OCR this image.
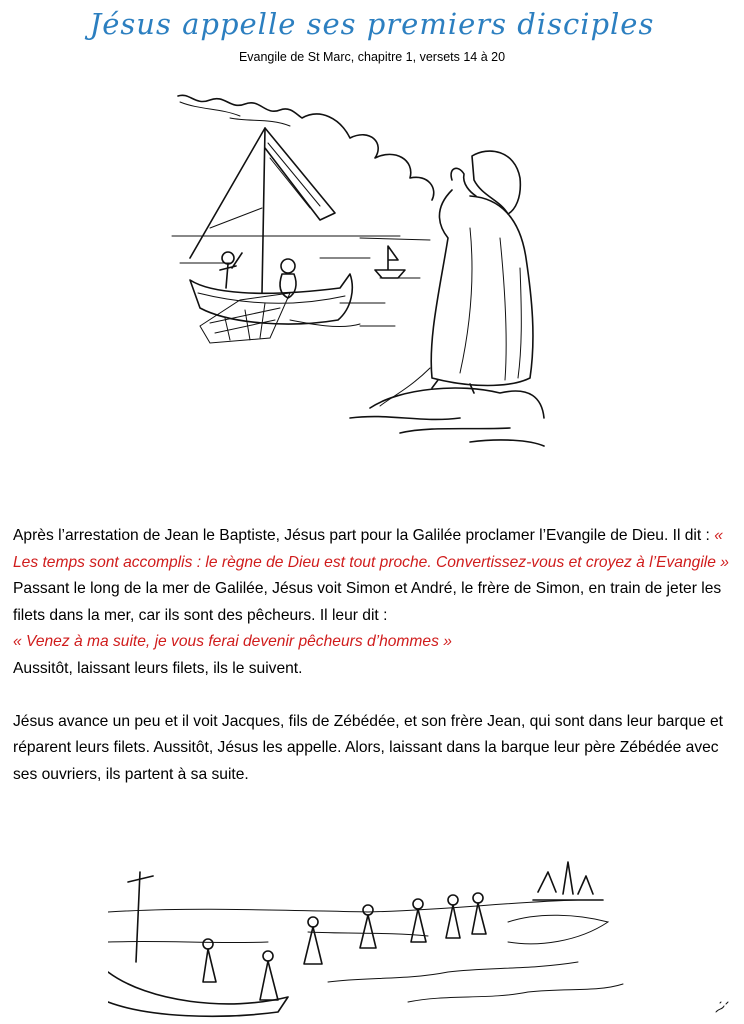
Jésus appelle ses premiers disciples
Evangile de St Marc, chapitre 1, versets 14 à 20

Après l’arrestation de Jean le Baptiste, Jésus part pour la Galilée proclamer l’Evangile de Dieu. Il dit : « Les temps sont accomplis : le règne de Dieu est tout proche. Convertissez-vous et croyez à l’Evangile »

Passant le long de la mer de Galilée, Jésus voit Simon et André, le frère de Simon, en train de jeter les filets dans la mer, car ils sont des pêcheurs. Il leur dit :

« Venez à ma suite, je vous ferai devenir pêcheurs d’hommes »

Aussitôt, laissant leurs filets, ils le suivent.

Jésus avance un peu et il voit Jacques, fils de Zébédée, et son frère Jean, qui sont dans leur barque et réparent leurs filets. Aussitôt, Jésus les appelle. Alors, laissant dans la barque leur père Zébédée avec ses ouvriers, ils partent à sa suite.
